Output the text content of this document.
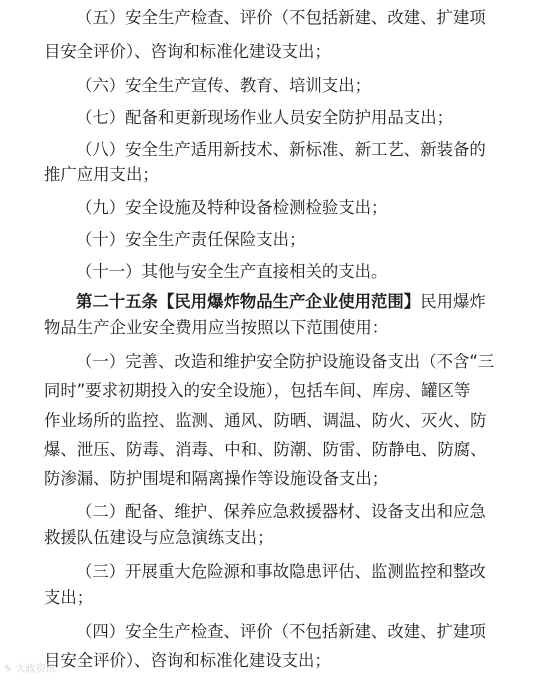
（五）安全生产检查、评价（不包括新建、改建、扩建项
目安全评价）、咨询和标准化建设支出；
（六）安全生产宣传、教育、培训支出；
（七）配备和更新现场作业人员安全防护用品支出；
（八）安全生产适用新技术、新标准、新工艺、新装备的
推广应用支出；
（九）安全设施及特种设备检测检验支出；
（十）安全生产责任保险支出；
（十一）其他与安全生产直接相关的支出。
第二十五条【民用爆炸物品生产企业使用范围】民用爆炸
物品生产企业安全费用应当按照以下范围使用：
（一）完善、改造和维护安全防护设施设备支出（不含“三
同时”要求初期投入的安全设施），包括车间、库房、罐区等
作业场所的监控、监测、通风、防晒、调温、防火、灭火、防
爆、泄压、防毒、消毒、中和、防潮、防雷、防静电、防腐、
防渗漏、防护围堤和隔离操作等设施设备支出；
（二）配备、维护、保养应急救援器材、设备支出和应急
救援队伍建设与应急演练支出；
（三）开展重大危险源和事故隐患评估、监测监控和整改
支出；
（四）安全生产检查、评价（不包括新建、改建、扩建项
目安全评价）、咨询和标准化建设支出；
✎ 大政资讯
